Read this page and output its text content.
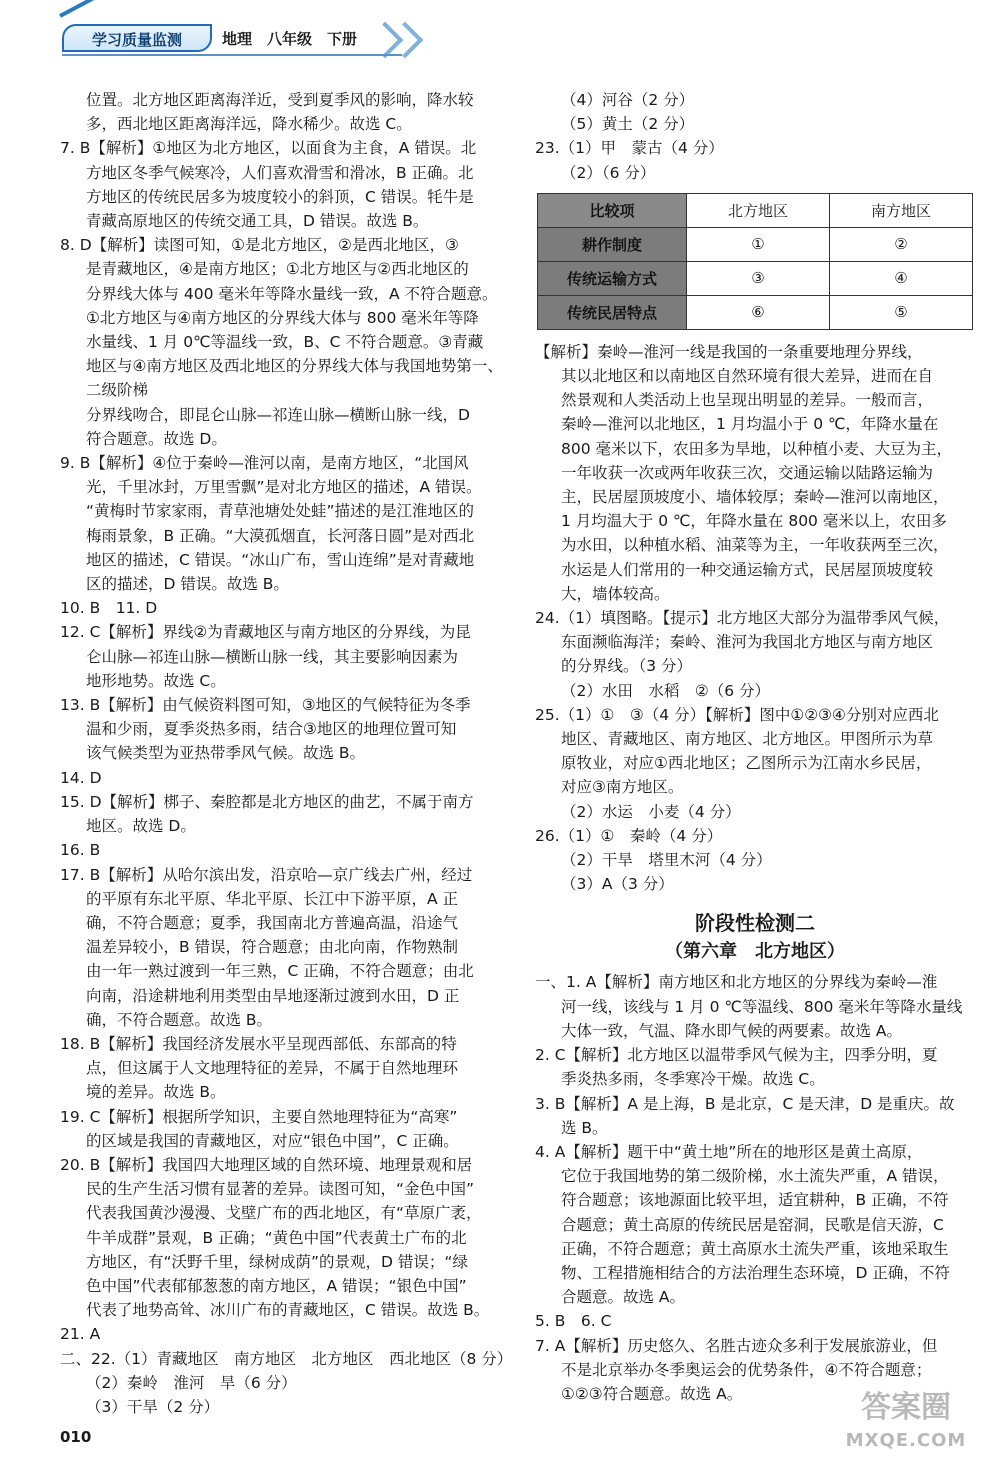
学习质量监测	地理　八年级　下册

位置。北方地区距离海洋近，受到夏季风的影响，降水较

多，西北地区距离海洋远，降水稀少。故选 C。

7. B【解析】①地区为北方地区，以面食为主食，A 错误。北

方地区冬季气候寒冷，人们喜欢滑雪和滑冰，B 正确。北

方地区的传统民居多为坡度较小的斜顶，C 错误。牦牛是

青藏高原地区的传统交通工具，D 错误。故选 B。

8. D【解析】读图可知，①是北方地区，②是西北地区，③

是青藏地区，④是南方地区；①北方地区与②西北地区的

分界线大体与 400 毫米年等降水量线一致，A 不符合题意。

①北方地区与④南方地区的分界线大体与 800 毫米年等降

水量线、1 月 0℃等温线一致，B、C 不符合题意。③青藏

地区与④南方地区及西北地区的分界线大体与我国地势第一、二级阶梯

分界线吻合，即昆仑山脉—祁连山脉—横断山脉一线，D

符合题意。故选 D。

9. B【解析】④位于秦岭—淮河以南，是南方地区，“北国风

光，千里冰封，万里雪飘”是对北方地区的描述，A 错误。

“黄梅时节家家雨，青草池塘处处蛙”描述的是江淮地区的

梅雨景象，B 正确。“大漠孤烟直，长河落日圆”是对西北

地区的描述，C 错误。“冰山广布，雪山连绵”是对青藏地

区的描述，D 错误。故选 B。

10. B　11. D

12. C【解析】界线②为青藏地区与南方地区的分界线，为昆

仑山脉—祁连山脉—横断山脉一线，其主要影响因素为

地形地势。故选 C。

13. B【解析】由气候资料图可知，③地区的气候特征为冬季

温和少雨，夏季炎热多雨，结合③地区的地理位置可知

该气候类型为亚热带季风气候。故选 B。

14. D

15. D【解析】梆子、秦腔都是北方地区的曲艺，不属于南方

地区。故选 D。

16. B

17. B【解析】从哈尔滨出发，沿京哈—京广线去广州，经过

的平原有东北平原、华北平原、长江中下游平原，A 正

确，不符合题意；夏季，我国南北方普遍高温，沿途气

温差异较小，B 错误，符合题意；由北向南，作物熟制

由一年一熟过渡到一年三熟，C 正确，不符合题意；由北

向南，沿途耕地利用类型由旱地逐渐过渡到水田，D 正

确，不符合题意。故选 B。

18. B【解析】我国经济发展水平呈现西部低、东部高的特

点，但这属于人文地理特征的差异，不属于自然地理环

境的差异。故选 B。

19. C【解析】根据所学知识，主要自然地理特征为“高寒”

的区域是我国的青藏地区，对应“银色中国”，C 正确。

20. B【解析】我国四大地理区域的自然环境、地理景观和居

民的生产生活习惯有显著的差异。读图可知，“金色中国”

代表我国黄沙漫漫、戈壁广布的西北地区，有“草原广袤，

牛羊成群”景观，B 正确；“黄色中国”代表黄土广布的北

方地区，有“沃野千里，绿树成荫”的景观，D 错误；“绿

色中国”代表郁郁葱葱的南方地区，A 错误；“银色中国”

代表了地势高耸、冰川广布的青藏地区，C 错误。故选 B。

21. A

二、22.（1）青藏地区　南方地区　北方地区　西北地区（8 分）

（2）秦岭　淮河　旱（6 分）

（3）干旱（2 分）

（4）河谷（2 分）

（5）黄土（2 分）

23.（1）甲　蒙古（4 分）

（2）（6 分）

比较项	北方地区	南方地区
耕作制度	①	②
传统运输方式	③	④
传统民居特点	⑥	⑤

【解析】秦岭—淮河一线是我国的一条重要地理分界线，

其以北地区和以南地区自然环境有很大差异，进而在自

然景观和人类活动上也呈现出明显的差异。一般而言，

秦岭—淮河以北地区，1 月均温小于 0 ℃，年降水量在

800 毫米以下，农田多为旱地，以种植小麦、大豆为主，

一年收获一次或两年收获三次，交通运输以陆路运输为

主，民居屋顶坡度小、墙体较厚；秦岭—淮河以南地区，

1 月均温大于 0 ℃，年降水量在 800 毫米以上，农田多

为水田，以种植水稻、油菜等为主，一年收获两至三次，

水运是人们常用的一种交通运输方式，民居屋顶坡度较

大，墙体较高。

24.（1）填图略。【提示】北方地区大部分为温带季风气候，

东面濒临海洋；秦岭、淮河为我国北方地区与南方地区

的分界线。（3 分）

（2）水田　水稻　②（6 分）

25.（1）①　③（4 分）【解析】图中①②③④分别对应西北

地区、青藏地区、南方地区、北方地区。甲图所示为草

原牧业，对应①西北地区；乙图所示为江南水乡民居，

对应③南方地区。

（2）水运　小麦（4 分）

26.（1）①　秦岭（4 分）

（2）干旱　塔里木河（4 分）

（3）A（3 分）

阶段性检测二
（第六章　北方地区）

一、1. A【解析】南方地区和北方地区的分界线为秦岭—淮

河一线，该线与 1 月 0 ℃等温线、800 毫米年等降水量线

大体一致，气温、降水即气候的两要素。故选 A。

2. C【解析】北方地区以温带季风气候为主，四季分明，夏

季炎热多雨，冬季寒冷干燥。故选 C。

3. B【解析】A 是上海，B 是北京，C 是天津，D 是重庆。故

选 B。

4. A【解析】题干中“黄土地”所在的地形区是黄土高原，

它位于我国地势的第二级阶梯，水土流失严重，A 错误，

符合题意；该地源面比较平坦，适宜耕种，B 正确，不符

合题意；黄土高原的传统民居是窑洞，民歌是信天游，C

正确，不符合题意；黄土高原水土流失严重，该地采取生

物、工程措施相结合的方法治理生态环境，D 正确，不符

合题意。故选 A。

5. B　6. C

7. A【解析】历史悠久、名胜古迹众多利于发展旅游业，但

不是北京举办冬季奥运会的优势条件，④不符合题意；

①②③符合题意。故选 A。

010
答案圈
MXQE.COM
